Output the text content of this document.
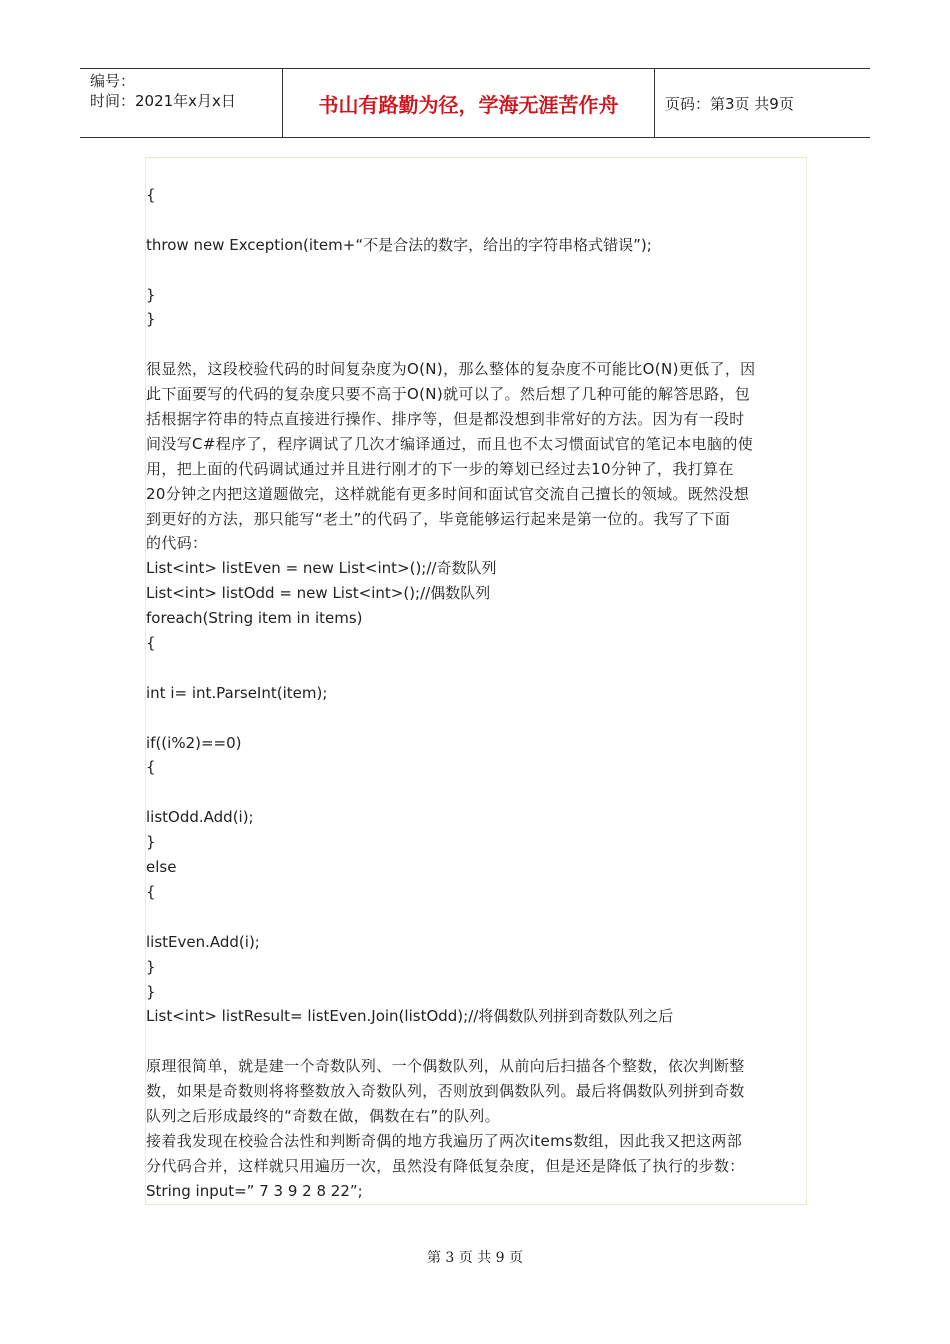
编号：
时间：2021年x月x日	书山有路勤为径，学海无涯苦作舟	页码：第3页 共9页
{
throw new Exception(item+“不是合法的数字，给出的字符串格式错误”);
}
}
很显然，这段校验代码的时间复杂度为O(N)，那么整体的复杂度不可能比O(N)更低了，因
此下面要写的代码的复杂度只要不高于O(N)就可以了。然后想了几种可能的解答思路，包
括根据字符串的特点直接进行操作、排序等，但是都没想到非常好的方法。因为有一段时
间没写C#程序了，程序调试了几次才编译通过，而且也不太习惯面试官的笔记本电脑的使
用，把上面的代码调试通过并且进行刚才的下一步的筹划已经过去10分钟了，我打算在
20分钟之内把这道题做完，这样就能有更多时间和面试官交流自己擅长的领域。既然没想
到更好的方法，那只能写“老土”的代码了，毕竟能够运行起来是第一位的。我写了下面
的代码：
List<int> listEven = new List<int>();//奇数队列
List<int> listOdd = new List<int>();//偶数队列
foreach(String item in items)
{
int i= int.ParseInt(item);
if((i%2)==0)
{
listOdd.Add(i);
}
else
{
listEven.Add(i);
}
}
List<int> listResult= listEven.Join(listOdd);//将偶数队列拼到奇数队列之后
原理很简单，就是建一个奇数队列、一个偶数队列，从前向后扫描各个整数，依次判断整
数，如果是奇数则将将整数放入奇数队列，否则放到偶数队列。最后将偶数队列拼到奇数
队列之后形成最终的“奇数在做，偶数在右”的队列。
接着我发现在校验合法性和判断奇偶的地方我遍历了两次items数组，因此我又把这两部
分代码合并，这样就只用遍历一次，虽然没有降低复杂度，但是还是降低了执行的步数：
String input=” 7 3 9 2 8 22”;
第 3 页 共 9 页
